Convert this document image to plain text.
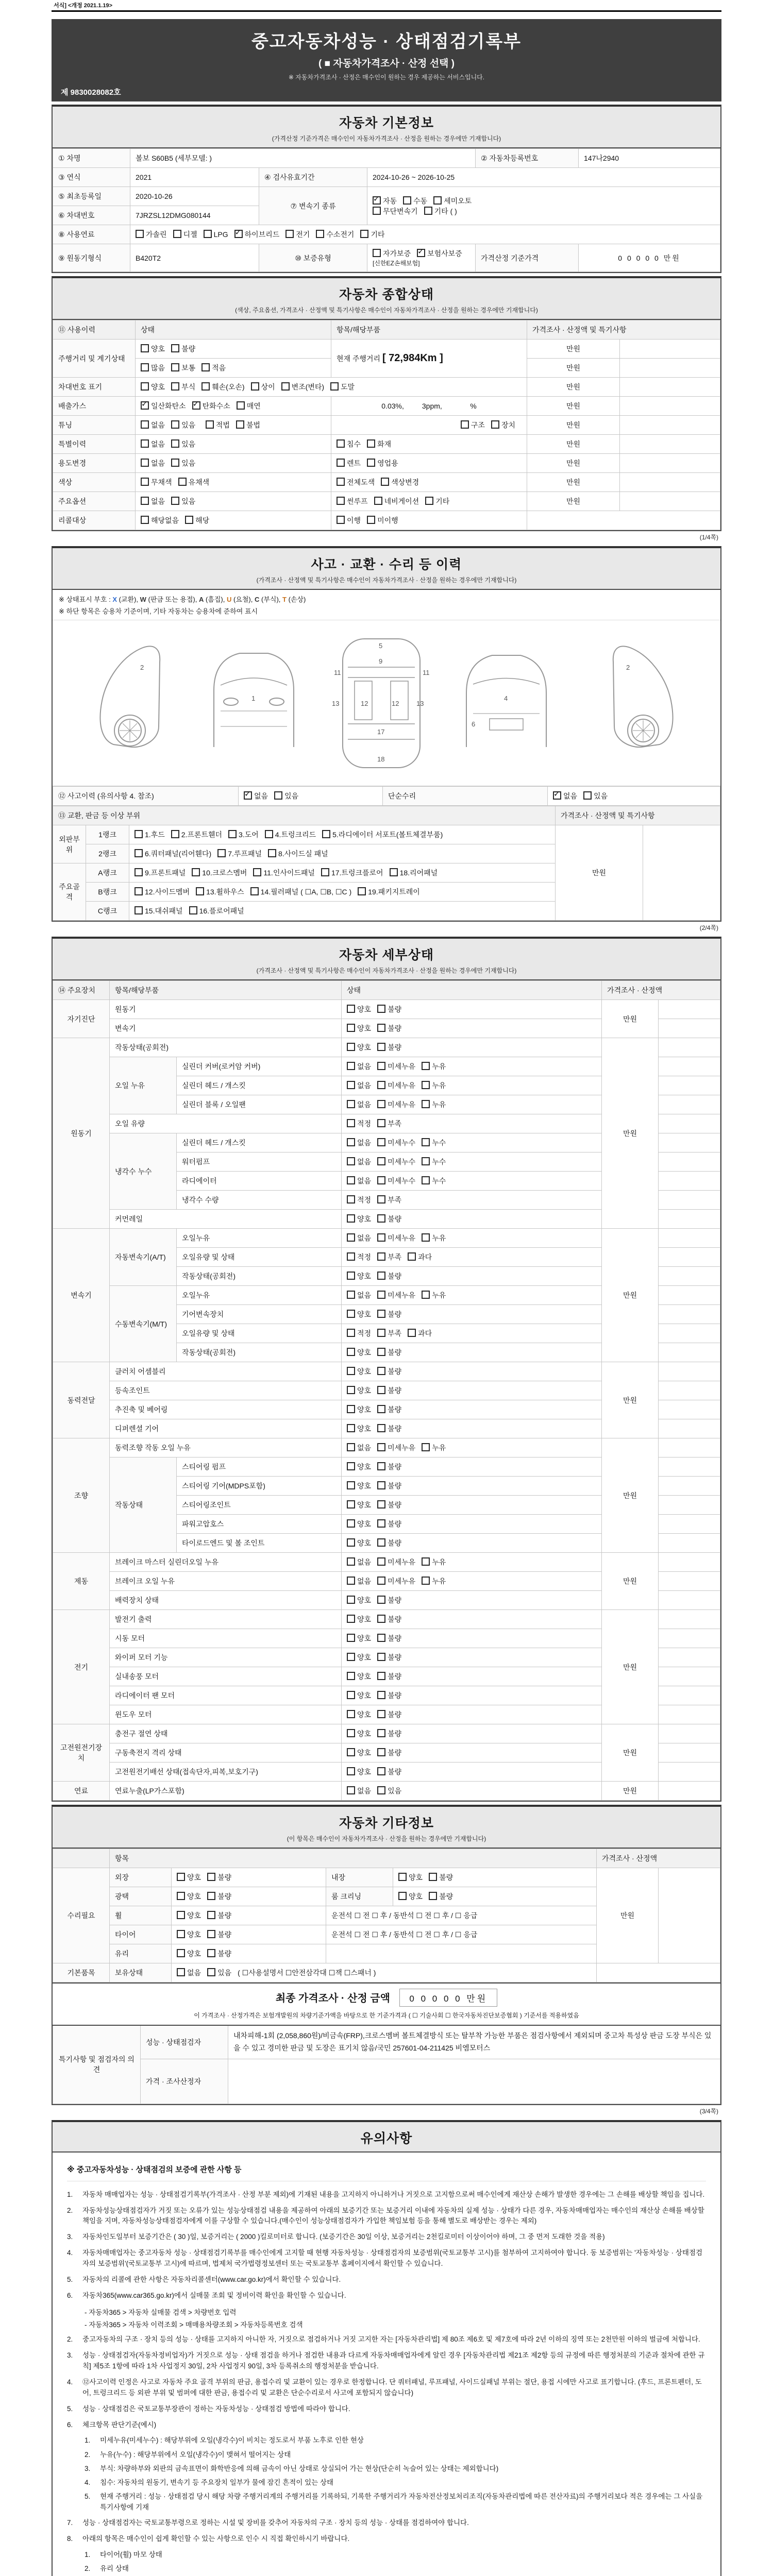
서식] <개정 2021.1.19>
중고자동차성능 · 상태점검기록부
( ■ 자동차가격조사 · 산정 선택 )
※ 자동차가격조사 · 산정은 매수인이 원하는 경우 제공하는 서비스입니다.
제 9830028082호
자동차 기본정보
(가격산정 기준가격은 매수인이 자동차가격조사 · 산정을 원하는 경우에만 기재합니다)
① 차명	볼보 S60B5 (세부모델: )			② 자동차등록번호	147나2940
③ 연식	2021	④ 검사유효기간	2024-10-26 ~ 2026-10-25		
⑤ 최초등록일	2020-10-26	⑦ 변속기 종류	
✓자동 수동 세미오토
무단변속기 기타 ( )

⑥ 차대번호	7JRZSL12DMG080144				
⑧ 사용연료	가솔린 디젤 LPG ✓ 하이브리드 전기 수소전기 기타
⑨ 원동기형식	B420T2	⑩ 보증유형	자가보증 ✓ 보험사보증[신한EZ손해보험]	가격산정 기준가격	0 0 0 0 0 만원
자동차 종합상태
(색상, 주요옵션, 가격조사 · 산정액 및 특기사항은 매수인이 자동차가격조사 · 산정을 원하는 경우에만 기재합니다)
⑪ 사용이력	상태	항목/해당부품	가격조사 · 산정액 및 특기사항	
주행거리 및 계기상태	양호 불량	현재 주행거리 [ 72,984Km ]	만원	
	많음 보통 적음		만원	
차대번호 표기	양호 부식 훼손(오손) 상이 변조(변타) 도말		만원	
배출가스	✓일산화탄소 ✓ 탄화수소 매연	0.03%,         3ppm,              %	만원	
튜닝	없음 있음 적법 불법	구조 장치	만원	
특별이력	없음 있음	침수 화재	만원	
용도변경	없음 있음	렌트 영업용	만원	
색상	무채색 유채색	전체도색 색상변경	만원	
주요옵션	없음 있음	썬루프 네비게이션 기타	만원	
리콜대상	해당없음 해당	이행 미이행		
(1/4쪽)
사고 · 교환 · 수리 등 이력
(가격조사 · 산정액 및 특기사항은 매수인이 자동차가격조사 · 산정을 원하는 경우에만 기재합니다)
※ 상태표시 부호 : X (교환), W (판금 또는 용접), A (흠집), U (요철), C (부식), T (손상)
※ 하단 항목은 승용차 기준이며, 기타 자동차는 승용차에 준하여 표시
2
1
5
9
11	11
13	12	12	13
17
18
4
6
2
⑫ 사고이력 (유의사항 4. 참조)	✓없음 있음	단순수리	✓없음 있음
⑬ 교환, 판금 등 이상 부위			가격조사 · 산정액 및 특기사항	
외판부위	1랭크	1.후드 2.프론트휀더 3.도어 4.트렁크리드 5.라디에이터 서포트(볼트체결부품)	만원	
	2랭크	6.쿼터패널(리어휀다) 7.루프패널 8.사이드실 패널		
주요골격	A랭크	9.프론트패널 10.크로스멤버 11.인사이드패널 17.트렁크플로어 18.리어패널		
	B랭크	12.사이드멤버 13.휠하우스 14.필러패널 ( ☐A, ☐B, ☐C ) 19.패키지트레이		
	C랭크	15.대쉬패널 16.플로어패널		
(2/4쪽)
자동차 세부상태
(가격조사 · 산정액 및 특기사항은 매수인이 자동차가격조사 · 산정을 원하는 경우에만 기재합니다)
⑭ 주요장치	항목/해당부품		상태	가격조사 · 산정액	
자기진단	원동기		양호 불량	만원	
	변속기		양호 불량		
원동기	작동상태(공회전)		양호 불량	만원	
	오일 누유	실린더 커버(로커암 커버)	없음 미세누유 누유		
		실린더 헤드 / 개스킷	없음 미세누유 누유		
		실린더 블록 / 오일팬	없음 미세누유 누유		
	오일 유량		적정 부족		
	냉각수 누수	실린더 헤드 / 개스킷	없음 미세누수 누수		
		워터펌프	없음 미세누수 누수		
		라디에이터	없음 미세누수 누수		
		냉각수 수량	적정 부족		
	커먼레일		양호 불량		
변속기	자동변속기(A/T)	오일누유	없음 미세누유 누유	만원	
		오일유량 및 상태	적정 부족 과다		
		작동상태(공회전)	양호 불량		
	수동변속기(M/T)	오일누유	없음 미세누유 누유		
		기어변속장치	양호 불량		
		오일유량 및 상태	적정 부족 과다		
		작동상태(공회전)	양호 불량		
동력전달	클러치 어셈블리		양호 불량	만원	
	등속조인트		양호 불량		
	추진축 및 베어링		양호 불량		
	디퍼렌셜 기어		양호 불량		
조향	동력조향 작동 오일 누유		없음 미세누유 누유	만원	
	작동상태	스티어링 펌프	양호 불량		
		스티어링 기어(MDPS포함)	양호 불량		
		스티어링조인트	양호 불량		
		파워고압호스	양호 불량		
		타이로드엔드 및 볼 조인트	양호 불량		
제동	브레이크 마스터 실린더오일 누유		없음 미세누유 누유	만원	
	브레이크 오일 누유		없음 미세누유 누유		
	배력장치 상태		양호 불량		
전기	발전기 출력		양호 불량	만원	
	시동 모터		양호 불량		
	와이퍼 모터 기능		양호 불량		
	실내송풍 모터		양호 불량		
	라디에이터 팬 모터		양호 불량		
	윈도우 모터		양호 불량		
고전원전기장치	충전구 절연 상태		양호 불량	만원	
	구동축전지 격리 상태		양호 불량		
	고전원전기배선 상태(접속단자,피복,보호기구)		양호 불량		
연료	연료누출(LP가스포함)		없음 있음	만원	
자동차 기타정보
(이 항목은 매수인이 자동차가격조사 · 산정을 원하는 경우에만 기재합니다)
	항목				가격조사 · 산정액	
수리필요	외장	양호 불량	내장	양호 불량	만원	
	광택	양호 불량	룸 크리닝	양호 불량		
	휠	양호 불량	운전석 ☐ 전 ☐ 후 / 동반석 ☐ 전 ☐ 후 / ☐ 응급			
	타이어	양호 불량	운전석 ☐ 전 ☐ 후 / 동반석 ☐ 전 ☐ 후 / ☐ 응급			
	유리	양호 불량				
기본품목	보유상태	없음 있음 ( ☐사용설명서 ☐안전삼각대 ☐잭 ☐스패너 )				
최종 가격조사 · 산정 금액 0 0 0 0 0 만원
이 가격조사 · 산정가격은 보험개발원의 차량기준가액을 바탕으로 한 기준가격과 ( ☐ 기술사회 ☐ 한국자동차진단보증협회 ) 기준서를 적용하였음
특기사항 및 점검자의 의견	성능 · 상태점검자	내차피해-1회 (2,058,860원)/비금속(FRP),크로스멤버 볼트체결방식 또는 탈부착 가능한 부품은 점검사항에서 제외되며 중고차 특성상 판금 도장 부식은 있을 수 있고 경미한 판금 및 도장은 표기치 않음/국민 257601-04-211425 비엠모터스
	가격 · 조사산정자	
(3/4쪽)
유의사항
※ 중고자동차성능 · 상태점검의 보증에 관한 사항 등
1.	자동차 매매업자는 성능 · 상태점검기록부(가격조사 · 산정 부분 제외)에 기재된 내용을 고지하지 아니하거나 거짓으로 고지함으로써 매수인에게 재산상 손해가 발생한 경우에는 그 손해를 배상할 책임을 집니다.
2.	자동차성능상태점검자가 거짓 또는 오류가 있는 성능상태점검 내용을 제공하여 아래의 보증기간 또는 보증거리 이내에 자동차의 실제 성능 · 상태가 다른 경우, 자동차매매업자는 매수인의 재산상 손해를 배상할 책임을 지며, 자동차성능상태점검자에게 이를 구상할 수 있습니다.(매수인이 성능상태점검자가 가입한 책임보험 등을 통해 별도로 배상받는 경우는 제외)
3.	자동차인도일부터 보증기간은 ( 30 )일, 보증거리는 ( 2000 )킬로미터로 합니다. (보증기간은 30일 이상, 보증거리는 2천킬로미터 이상이어야 하며, 그 중 먼저 도래한 것을 적용)
4.	자동차매매업자는 중고자동차 성능 · 상태점검기록부를 매수인에게 고지할 때 현행 자동차성능 · 상태점검자의 보증범위(국토교통부 고시)를 첨부하여 고지하여야 합니다. 동 보증범위는 '자동차성능 · 상태점검자의 보증범위'(국토교통부 고시)에 따르며, 법제처 국가법령정보센터 또는 국토교통부 홈페이지에서 확인할 수 있습니다.
5.	자동차의 리콜에 관한 사항은 자동차리콜센터(www.car.go.kr)에서 확인할 수 있습니다.
6.	자동차365(www.car365.go.kr)에서 실매물 조회 및 정비이력 확인을 확인할 수 있습니다.
- 자동차365 > 자동차 실매물 검색 > 차량번호 입력
- 자동차365 > 자동차 이력조회 > 매매용차량조회 > 자동차등록번호 검색
2.	중고자동차의 구조 · 장치 등의 성능 · 상태를 고지하지 아니한 자, 거짓으로 점검하거나 거짓 고지한 자는 [자동차관리법] 제 80조 제6호 및 제7호에 따라 2년 이하의 징역 또는 2천만원 이하의 벌금에 처합니다.
3.	성능 · 상태점검자(자동차정비업자)가 거짓으로 성능 · 상태 점검을 하거나 점검한 내용과 다르게 자동차매매업자에게 알린 경우 [자동차관리법 제21조 제2항 등의 규정에 따른 행정처분의 기준과 절차에 관한 규칙] 제5조 1항에 따라 1차 사업정지 30일, 2차 사업정지 90일, 3차 등록취소의 행정처분을 받습니다.
4.	⑫사고이력 인정은 사고로 자동차 주요 골격 부위의 판금, 용접수리 및 교환이 있는 경우로 한정합니다. 단 쿼터패널, 루프패널, 사이드실패널 부위는 절단, 용접 시에만 사고로 표기합니다. (후드, 프론트펜더, 도어, 트렁크리드 등 외판 부위 및 범퍼에 대한 판금, 용접수리 및 교환은 단순수리로서 사고에 포함되지 않습니다)
5.	성능 · 상태점검은 국토교통부장관이 정하는 자동차성능 · 상태점검 방법에 따라야 합니다.
6.	체크항목 판단기준(예시)
1.	미세누유(미세누수) : 해당부위에 오일(냉각수)이 비치는 정도로서 부품 노후로 인한 현상
2.	누유(누수) : 해당부위에서 오일(냉각수)이 맺혀서 떨어지는 상태
3.	부식: 차량하부와 외판의 금속표면이 화학반응에 의해 금속이 아닌 상태로 상실되어 가는 현상(단순히 녹슬어 있는 상태는 제외합니다)
4.	침수: 자동차의 원동기, 변속기 등 주요장치 일부가 물에 잠긴 흔적이 있는 상태
5.	현재 주행거리 : 성능 · 상태점검 당시 해당 차량 주행거리계의 주행거리를 기록하되, 기록한 주행거리가 자동차전산정보처리조직(자동차관리법에 따른 전산자료)의 주행거리보다 적은 경우에는 그 사실을 특기사항에 기재
7.	성능 · 상태점검자는 국토교통부령으로 정하는 시설 및 장비를 갖추어 자동차의 구조 · 장치 등의 성능 · 상태를 점검하여야 합니다.
8.	아래의 항목은 매수인이 쉽게 확인할 수 있는 사항으로 인수 시 직접 확인하시기 바랍니다.
1.	타이어(휠) 마모 상태
2.	유리 상태
